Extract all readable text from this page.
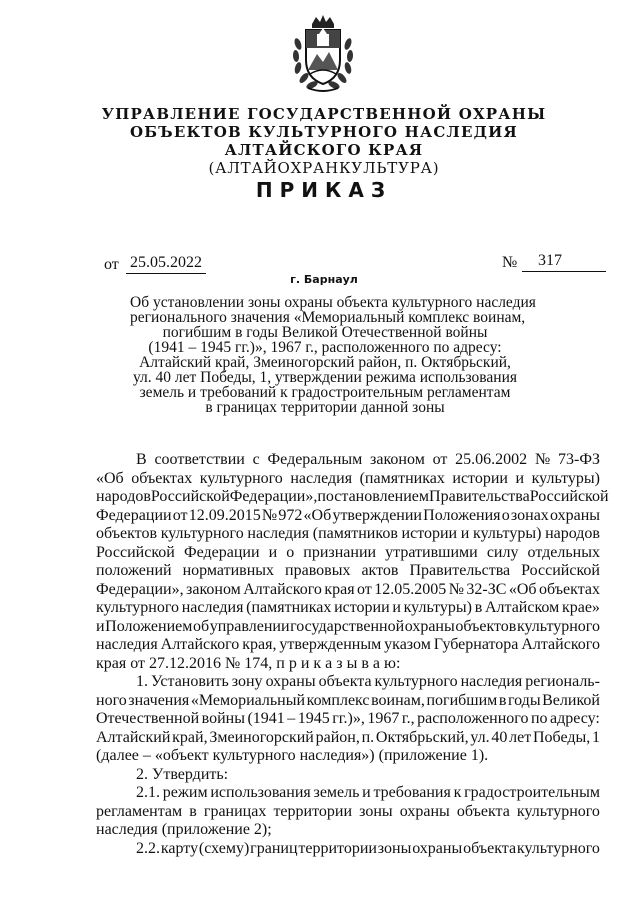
УПРАВЛЕНИЕ ГОСУДАРСТВЕННОЙ ОХРАНЫ
ОБЪЕКТОВ КУЛЬТУРНОГО НАСЛЕДИЯ
АЛТАЙСКОГО КРАЯ
(АЛТАЙОХРАНКУЛЬТУРА)
ПРИКАЗ
от 25.05.2022	№ 317
г. Барнаул
Об установлении зоны охраны объекта культурного наследия
регионального значения «Мемориальный комплекс воинам,
погибшим в годы Великой Отечественной войны
(1941 – 1945 гг.)», 1967 г., расположенного по адресу:
Алтайский край, Змеиногорский район, п. Октябрьский,
ул. 40 лет Победы, 1, утверждении режима использования
земель и требований к градостроительным регламентам
в границах территории данной зоны
В соответствии с Федеральным законом от 25.06.2002 № 73-ФЗ
«Об объектах культурного наследия (памятниках истории и культуры)
народов Российской Федерации», постановлением Правительства Российской
Федерации от 12.09.2015 № 972 «Об утверждении Положения о зонах охраны
объектов культурного наследия (памятников истории и культуры) народов
Российской Федерации и о признании утратившими силу отдельных
положений нормативных правовых актов Правительства Российской
Федерации», законом Алтайского края от 12.05.2005 № 32-ЗС «Об объектах
культурного наследия (памятниках истории и культуры) в Алтайском крае»
и Положением об управлении государственной охраны объектов культурного
наследия Алтайского края, утвержденным указом Губернатора Алтайского
края от 27.12.2016 № 174, п р и к а з ы в а ю:
1. Установить зону охраны объекта культурного наследия региональ-
ного значения «Мемориальный комплекс воинам, погибшим в годы Великой
Отечественной войны (1941 – 1945 гг.)», 1967 г., расположенного по адресу:
Алтайский край, Змеиногорский район, п. Октябрьский, ул. 40 лет Победы, 1
(далее – «объект культурного наследия») (приложение 1).
2. Утвердить:
2.1. режим использования земель и требования к градостроительным
регламентам в границах территории зоны охраны объекта культурного
наследия (приложение 2);
2.2. карту (схему) границ территории зоны охраны объекта культурного
